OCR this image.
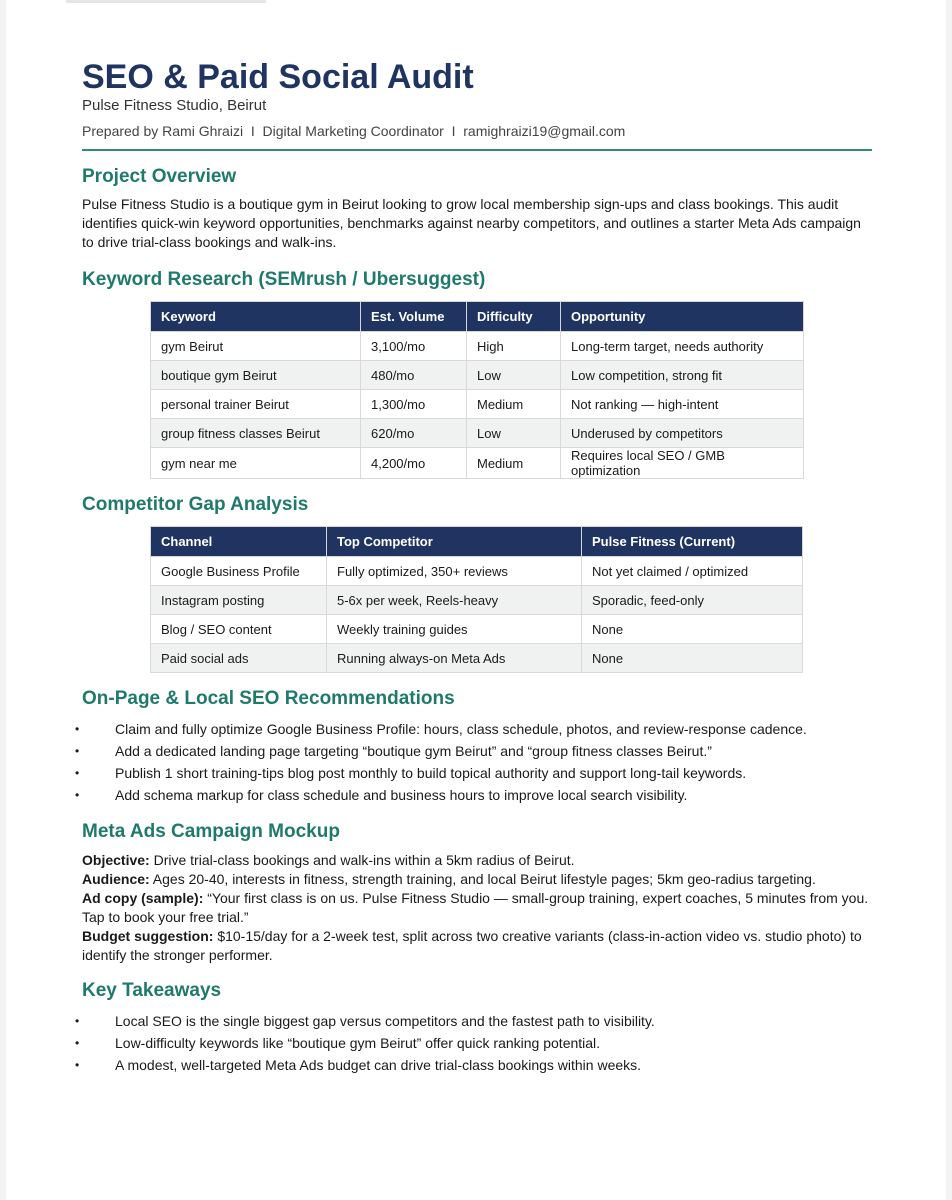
SEO & Paid Social Audit
Pulse Fitness Studio, Beirut
Prepared by Rami Ghraizi  I  Digital Marketing Coordinator  I  ramighraizi19@gmail.com
Project Overview

Pulse Fitness Studio is a boutique gym in Beirut looking to grow local membership sign-ups and class bookings. This audit identifies quick-win keyword opportunities, benchmarks against nearby competitors, and outlines a starter Meta Ads campaign to drive trial-class bookings and walk-ins.

Keyword Research (SEMrush / Ubersuggest)
Keyword	Est. Volume	Difficulty	Opportunity
gym Beirut	3,100/mo	High	Long-term target, needs authority
boutique gym Beirut	480/mo	Low	Low competition, strong fit
personal trainer Beirut	1,300/mo	Medium	Not ranking — high-intent
group fitness classes Beirut	620/mo	Low	Underused by competitors
gym near me	4,200/mo	Medium	Requires local SEO / GMB optimization
Competitor Gap Analysis
Channel	Top Competitor	Pulse Fitness (Current)
Google Business Profile	Fully optimized, 350+ reviews	Not yet claimed / optimized
Instagram posting	5-6x per week, Reels-heavy	Sporadic, feed-only
Blog / SEO content	Weekly training guides	None
Paid social ads	Running always-on Meta Ads	None
On-Page & Local SEO Recommendations
•	Claim and fully optimize Google Business Profile: hours, class schedule, photos, and review-response cadence.
•	Add a dedicated landing page targeting “boutique gym Beirut” and “group fitness classes Beirut.”
•	Publish 1 short training-tips blog post monthly to build topical authority and support long-tail keywords.
•	Add schema markup for class schedule and business hours to improve local search visibility.
Meta Ads Campaign Mockup
Objective: Drive trial-class bookings and walk-ins within a 5km radius of Beirut.
Audience: Ages 20-40, interests in fitness, strength training, and local Beirut lifestyle pages; 5km geo-radius targeting.
Ad copy (sample): “Your first class is on us. Pulse Fitness Studio — small-group training, expert coaches, 5 minutes from you. Tap to book your free trial.”
Budget suggestion: $10-15/day for a 2-week test, split across two creative variants (class-in-action video vs. studio photo) to identify the stronger performer.
Key Takeaways
•	Local SEO is the single biggest gap versus competitors and the fastest path to visibility.
•	Low-difficulty keywords like “boutique gym Beirut” offer quick ranking potential.
•	A modest, well-targeted Meta Ads budget can drive trial-class bookings within weeks.
